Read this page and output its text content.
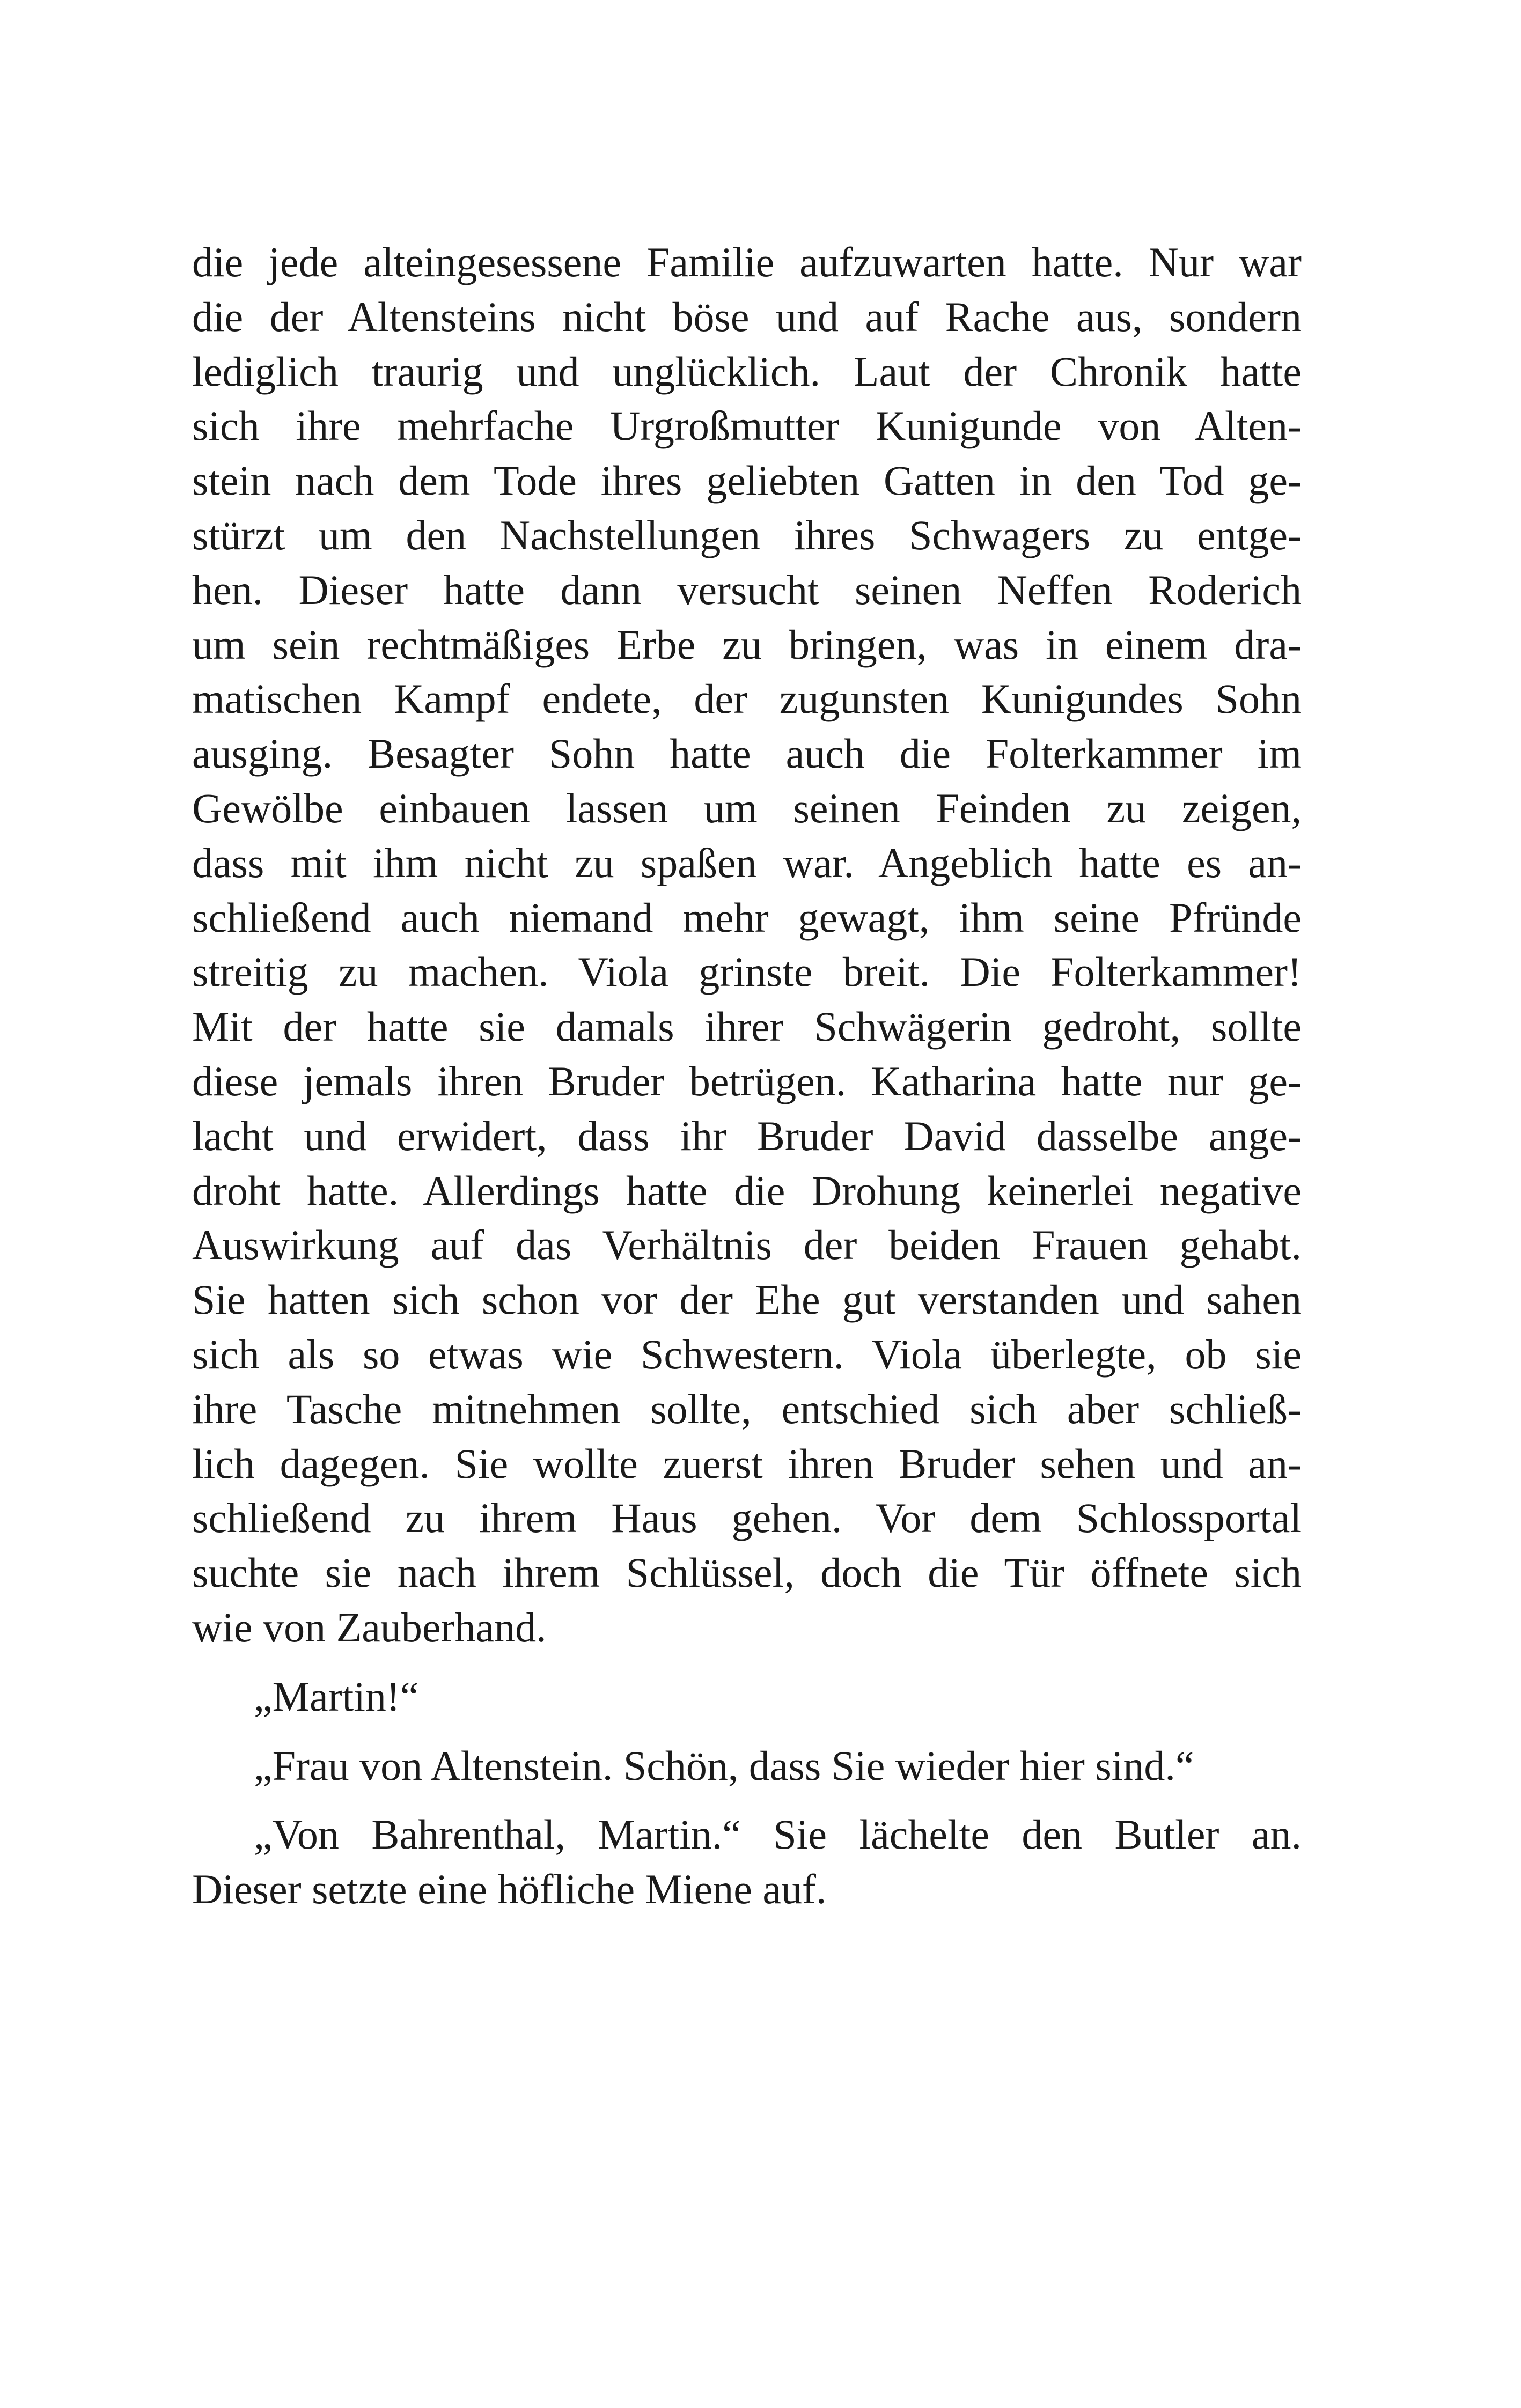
die jede alteingesessene Familie aufzuwarten hatte. Nur war
die der Altensteins nicht böse und auf Rache aus, sondern
lediglich traurig und unglücklich. Laut der Chronik hatte
sich ihre mehrfache Urgroßmutter Kunigunde von Alten-
stein nach dem Tode ihres geliebten Gatten in den Tod ge-
stürzt um den Nachstellungen ihres Schwagers zu entge-
hen. Dieser hatte dann versucht seinen Neffen Roderich
um sein rechtmäßiges Erbe zu bringen, was in einem dra-
matischen Kampf endete, der zugunsten Kunigundes Sohn
ausging. Besagter Sohn hatte auch die Folterkammer im
Gewölbe einbauen lassen um seinen Feinden zu zeigen,
dass mit ihm nicht zu spaßen war. Angeblich hatte es an-
schließend auch niemand mehr gewagt, ihm seine Pfründe
streitig zu machen. Viola grinste breit. Die Folterkammer!
Mit der hatte sie damals ihrer Schwägerin gedroht, sollte
diese jemals ihren Bruder betrügen. Katharina hatte nur ge-
lacht und erwidert, dass ihr Bruder David dasselbe ange-
droht hatte. Allerdings hatte die Drohung keinerlei negative
Auswirkung auf das Verhältnis der beiden Frauen gehabt.
Sie hatten sich schon vor der Ehe gut verstanden und sahen
sich als so etwas wie Schwestern. Viola überlegte, ob sie
ihre Tasche mitnehmen sollte, entschied sich aber schließ-
lich dagegen. Sie wollte zuerst ihren Bruder sehen und an-
schließend zu ihrem Haus gehen. Vor dem Schlossportal
suchte sie nach ihrem Schlüssel, doch die Tür öffnete sich
wie von Zauberhand.
„Martin!“
„Frau von Altenstein. Schön, dass Sie wieder hier sind.“
„Von Bahrenthal, Martin.“ Sie lächelte den Butler an.
Dieser setzte eine höfliche Miene auf.
